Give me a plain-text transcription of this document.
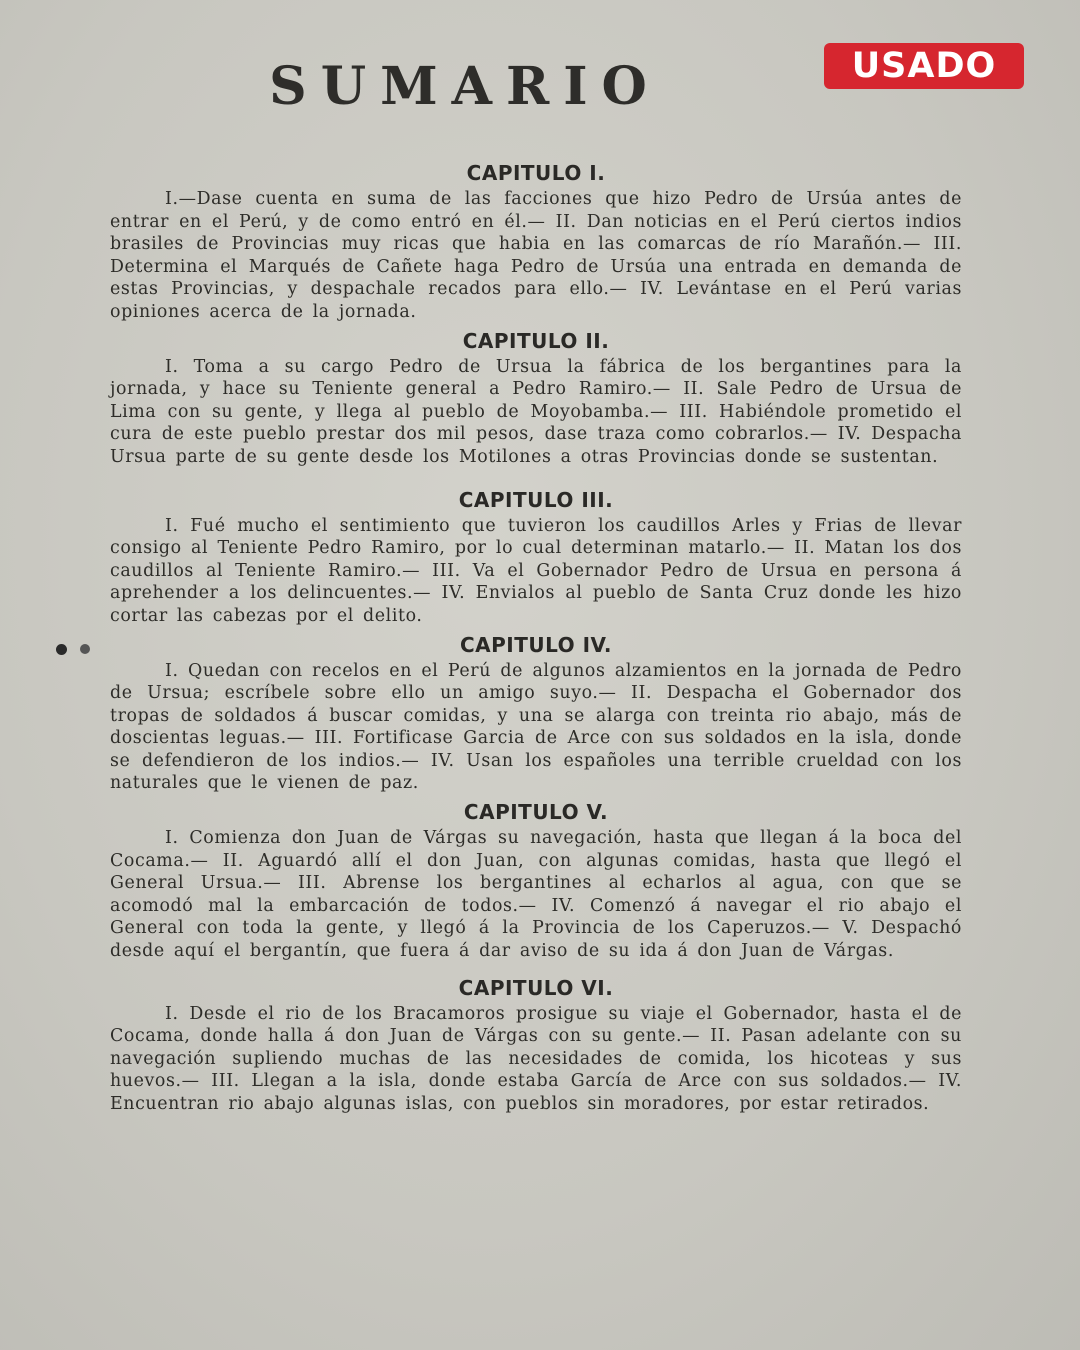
USADO
SUMARIO
CAPITULO I.

I.—Dase cuenta en suma de las facciones que hizo Pedro de Ursúa antes de entrar en el Perú, y de como entró en él.— II. Dan noticias en el Perú ciertos indios brasiles de Provincias muy ricas que habia en las comarcas de río Marañón.— III. Determina el Marqués de Cañete haga Pedro de Ursúa una entrada en demanda de estas Provincias, y despachale recados para ello.— IV. Levántase en el Perú varias opiniones acerca de la jornada.

CAPITULO II.

I. Toma a su cargo Pedro de Ursua la fábrica de los bergantines para la jornada, y hace su Teniente general a Pedro Ramiro.— II. Sale Pedro de Ursua de Lima con su gente, y llega al pueblo de Moyobamba.— III. Habiéndole prometido el cura de este pueblo prestar dos mil pesos, dase traza como cobrarlos.— IV. Despacha Ursua parte de su gente desde los Motilones a otras Provincias donde se sustentan.

CAPITULO III.

I. Fué mucho el sentimiento que tuvieron los caudillos Arles y Frias de llevar consigo al Teniente Pedro Ramiro, por lo cual determinan matarlo.— II. Matan los dos caudillos al Teniente Ramiro.— III. Va el Gobernador Pedro de Ursua en persona á aprehender a los delincuentes.— IV. Envialos al pueblo de Santa Cruz donde les hizo cortar las cabezas por el delito.

CAPITULO IV.

I. Quedan con recelos en el Perú de algunos alzamientos en la jornada de Pedro de Ursua; escríbele sobre ello un amigo suyo.— II. Despacha el Gobernador dos tropas de soldados á buscar comidas, y una se alarga con treinta rio abajo, más de doscientas leguas.— III. Fortificase Garcia de Arce con sus soldados en la isla, donde se defendieron de los indios.— IV. Usan los españoles una terrible crueldad con los naturales que le vienen de paz.

CAPITULO V.

I. Comienza don Juan de Várgas su navegación, hasta que llegan á la boca del Cocama.— II. Aguardó allí el don Juan, con algunas comidas, hasta que llegó el General Ursua.— III. Abrense los bergantines al echarlos al agua, con que se acomodó mal la embarcación de todos.— IV. Comenzó á navegar el rio abajo el General con toda la gente, y llegó á la Provincia de los Caperuzos.— V. Despachó desde aquí el bergantín, que fuera á dar aviso de su ida á don Juan de Várgas.

CAPITULO VI.

I. Desde el rio de los Bracamoros prosigue su viaje el Gobernador, hasta el de Cocama, donde halla á don Juan de Várgas con su gente.— II. Pasan adelante con su navegación supliendo muchas de las necesidades de comida, los hicoteas y sus huevos.— III. Llegan a la isla, donde estaba García de Arce con sus soldados.— IV. Encuentran rio abajo algunas islas, con pueblos sin moradores, por estar retirados.
